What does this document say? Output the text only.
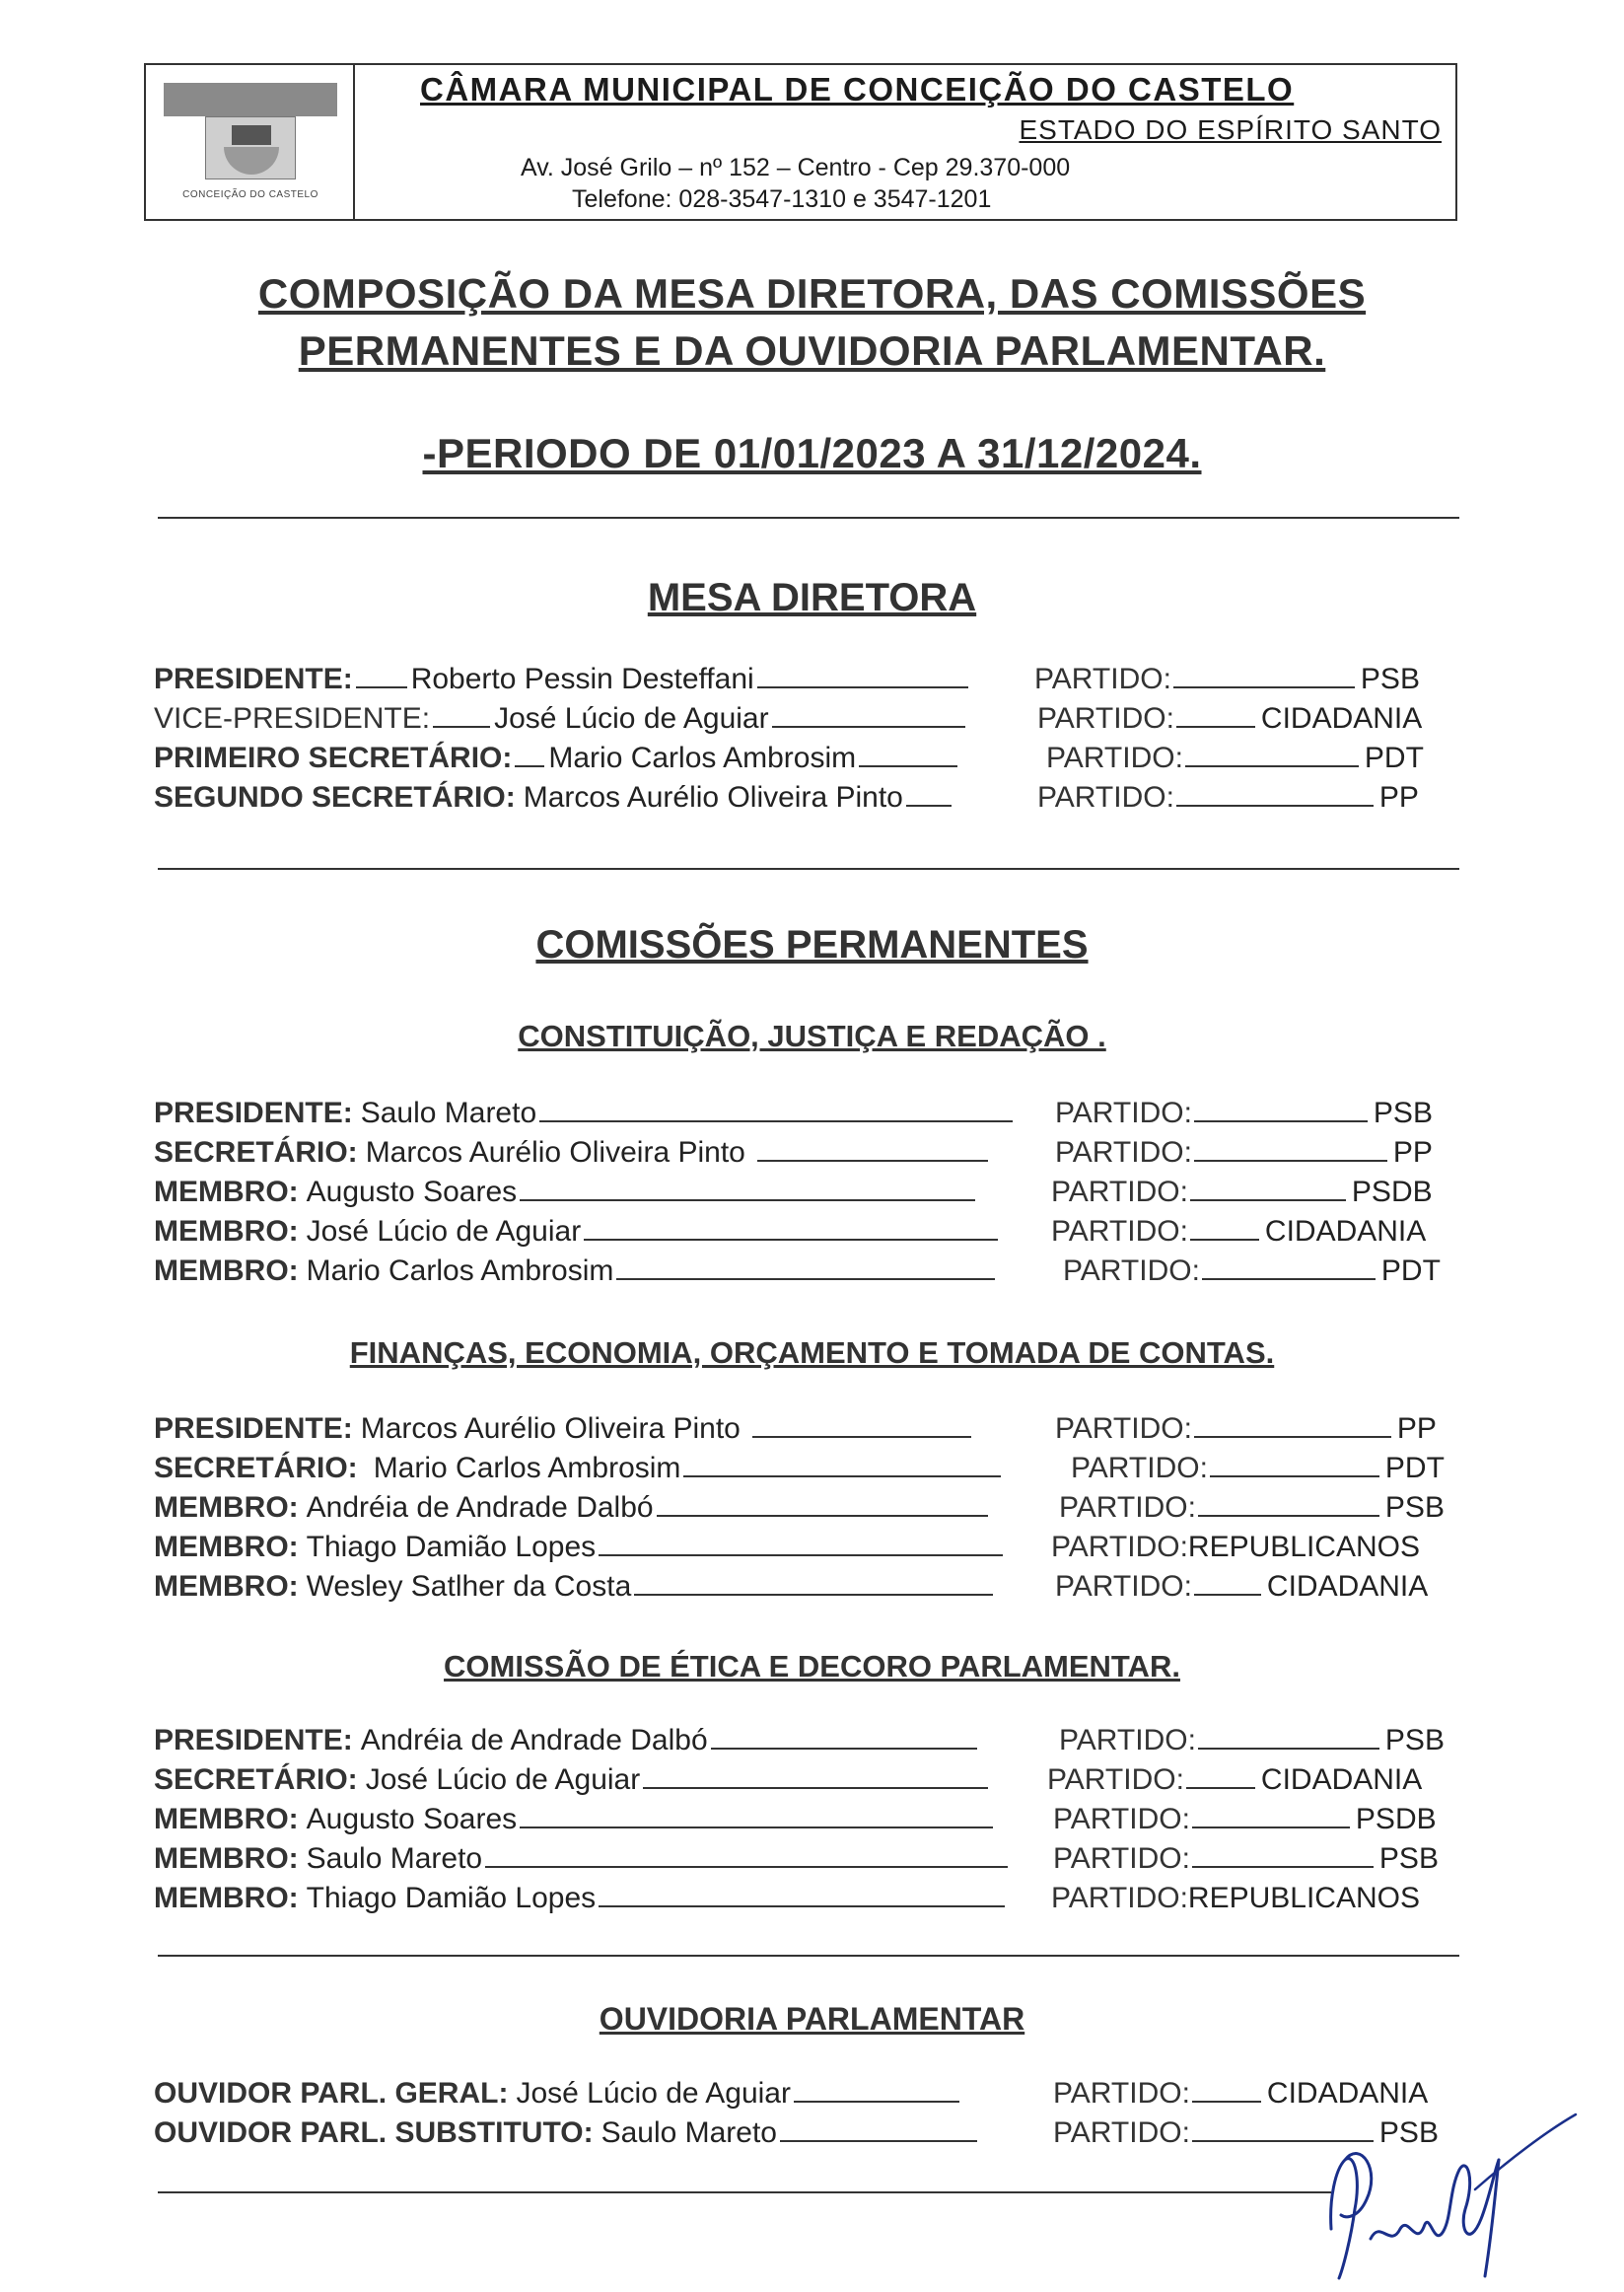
CONCEIÇÃO DO CASTELO
CÂMARA MUNICIPAL DE CONCEIÇÃO DO CASTELO
ESTADO DO ESPÍRITO SANTO
Av. José Grilo – nº 152 – Centro - Cep 29.370-000
Telefone: 028-3547-1310 e 3547-1201
COMPOSIÇÃO DA MESA DIRETORA, DAS COMISSÕES
PERMANENTES E DA OUVIDORIA PARLAMENTAR.
-PERIODO DE 01/01/2023 A 31/12/2024.
MESA DIRETORA
PRESIDENTE: Roberto Pessin Desteffani	PARTIDO:	PSB
VICE-PRESIDENTE: José Lúcio de Aguiar	PARTIDO:	CIDADANIA
PRIMEIRO SECRETÁRIO: Mario Carlos Ambrosim	PARTIDO:	PDT
SEGUNDO SECRETÁRIO: Marcos Aurélio Oliveira Pinto	PARTIDO:	PP
COMISSÕES PERMANENTES
CONSTITUIÇÃO, JUSTIÇA E REDAÇÃO .
PRESIDENTE: Saulo Mareto	PARTIDO:	PSB
SECRETÁRIO: Marcos Aurélio Oliveira Pinto	PARTIDO:	PP
MEMBRO: Augusto Soares	PARTIDO:	PSDB
MEMBRO: José Lúcio de Aguiar	PARTIDO:	CIDADANIA
MEMBRO: Mario Carlos Ambrosim	PARTIDO:	PDT
FINANÇAS, ECONOMIA, ORÇAMENTO E TOMADA DE CONTAS.
PRESIDENTE: Marcos Aurélio Oliveira Pinto	PARTIDO:	PP
SECRETÁRIO: Mario Carlos Ambrosim	PARTIDO:	PDT
MEMBRO: Andréia de Andrade Dalbó	PARTIDO:	PSB
MEMBRO: Thiago Damião Lopes	PARTIDO: REPUBLICANOS
MEMBRO: Wesley Satlher da Costa	PARTIDO:	CIDADANIA
COMISSÃO DE ÉTICA E DECORO PARLAMENTAR.
PRESIDENTE: Andréia de Andrade Dalbó	PARTIDO:	PSB
SECRETÁRIO: José Lúcio de Aguiar	PARTIDO:	CIDADANIA
MEMBRO: Augusto Soares	PARTIDO:	PSDB
MEMBRO: Saulo Mareto	PARTIDO:	PSB
MEMBRO: Thiago Damião Lopes	PARTIDO: REPUBLICANOS
OUVIDORIA PARLAMENTAR
OUVIDOR PARL. GERAL: José Lúcio de Aguiar	PARTIDO:	CIDADANIA
OUVIDOR PARL. SUBSTITUTO: Saulo Mareto	PARTIDO:	PSB
